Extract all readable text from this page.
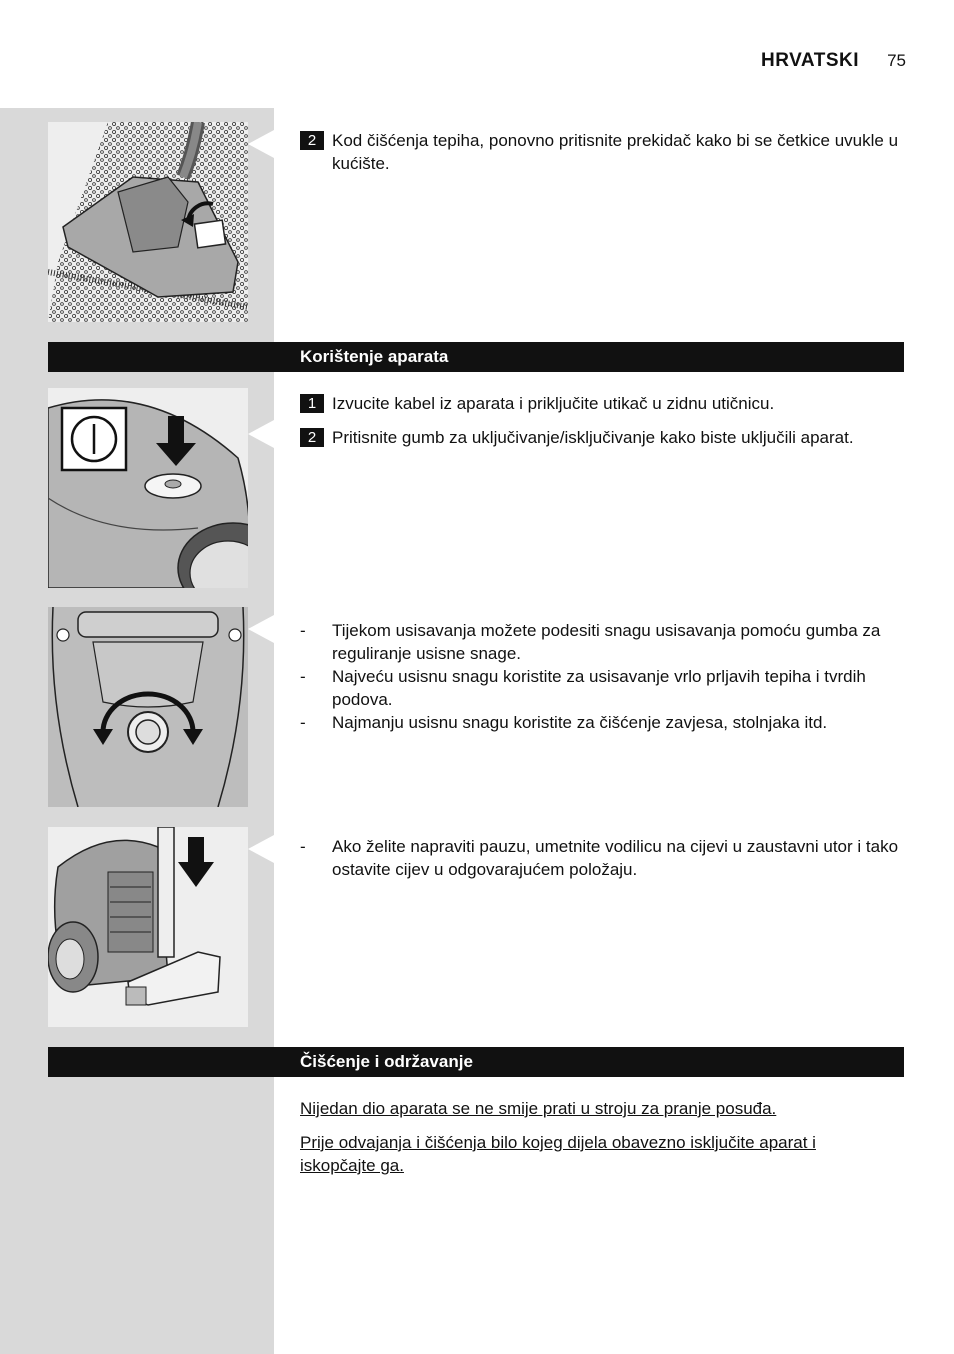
HRVATSKI 75
2 Kod čišćenja tepiha, ponovno pritisnite prekidač kako bi se četkice uvukle u kućište.
Korištenje aparata
1 Izvucite kabel iz aparata i priključite utikač u zidnu utičnicu.
2 Pritisnite gumb za uključivanje/isključivanje kako biste uključili aparat.
- Tijekom usisavanja možete podesiti snagu usisavanja pomoću gumba za reguliranje usisne snage.
- Najveću usisnu snagu koristite za usisavanje vrlo prljavih tepiha i tvrdih podova.
- Najmanju usisnu snagu koristite za čišćenje zavjesa, stolnjaka itd.
- Ako želite napraviti pauzu, umetnite vodilicu na cijevi u zaustavni utor i tako ostavite cijev u odgovarajućem položaju.
Čišćenje i održavanje
Nijedan dio aparata se ne smije prati u stroju za pranje posuđa.
Prije odvajanja i čišćenja bilo kojeg dijela obavezno isključite aparat i iskopčajte ga.
